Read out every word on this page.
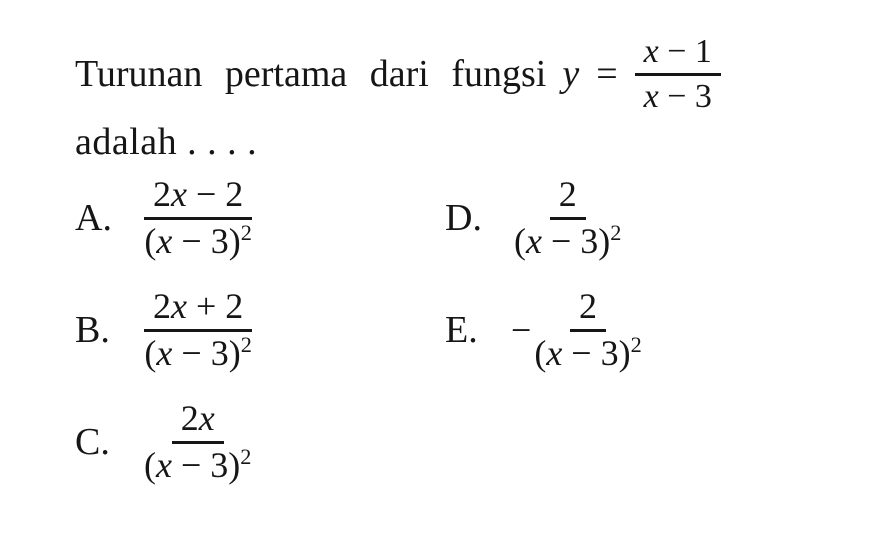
Turunan pertama dari fungsi $y = \frac{x - 1}{x - 3}$
adalah . . . .
A. $\frac{2x - 2}{(x - 3)^2}$
B. $\frac{2x + 2}{(x - 3)^2}$
C. $\frac{2x}{(x - 3)^2}$
D. $\frac{2}{(x - 3)^2}$
E. − $\frac{2}{(x - 3)^2}$
